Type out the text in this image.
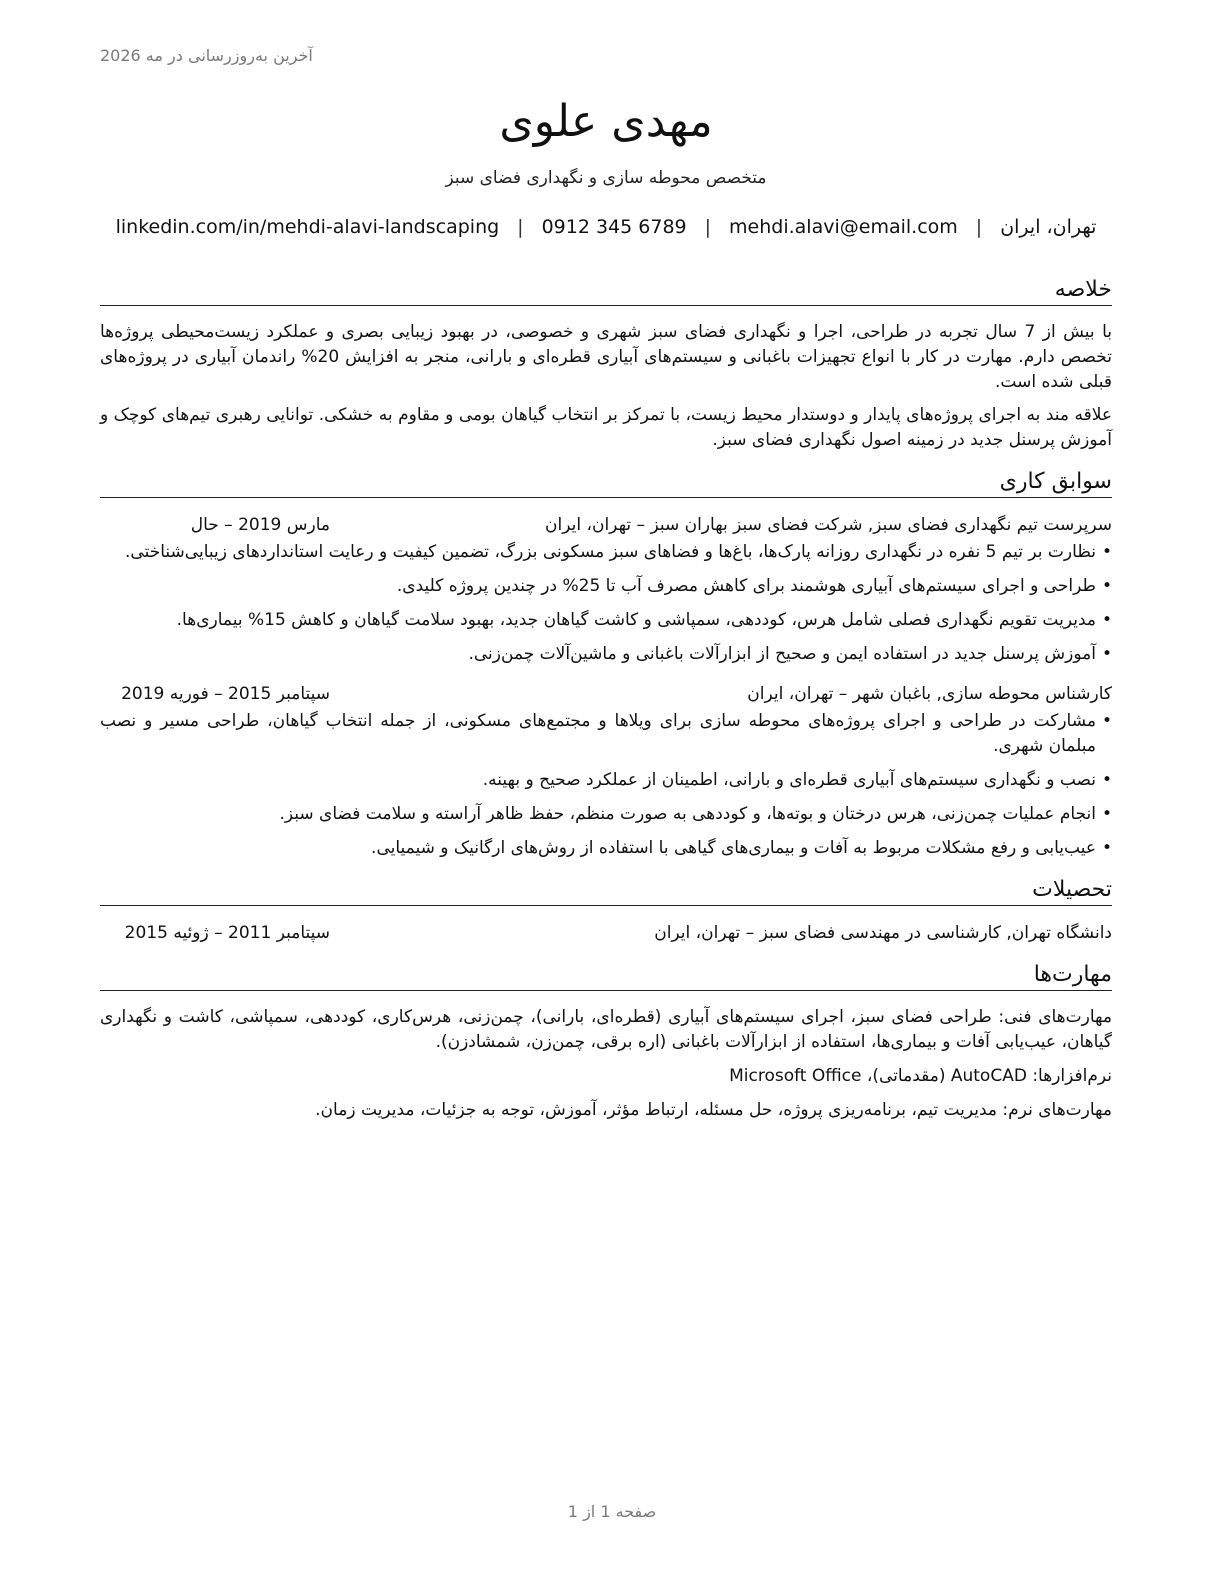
آخرین به‌روزرسانی در مه 2026
مهدی علوی
متخصص محوطه سازی و نگهداری فضای سبز
تهران، ایران
|
mehdi.alavi@email.com
|
0912 345 6789
|
linkedin.com/in/mehdi-alavi-landscaping
خلاصه

با بیش از 7 سال تجربه در طراحی، اجرا و نگهداری فضای سبز شهری و خصوصی، در بهبود زیبایی بصری و عملکرد زیست‌محیطی پروژه‌ها تخصص دارم. مهارت در کار با انواع تجهیزات باغبانی و سیستم‌های آبیاری قطره‌ای و بارانی، منجر به افزایش 20% راندمان آبیاری در پروژه‌های قبلی شده است.

علاقه مند به اجرای پروژه‌های پایدار و دوستدار محیط زیست، با تمرکز بر انتخاب گیاهان بومی و مقاوم به خشکی. توانایی رهبری تیم‌های کوچک و آموزش پرسنل جدید در زمینه اصول نگهداری فضای سبز.

سوابق کاری
سرپرست تیم نگهداری فضای سبز, شرکت فضای سبز بهاران سبز – تهران، ایران
مارس 2019 – حال
• نظارت بر تیم 5 نفره در نگهداری روزانه پارک‌ها، باغ‌ها و فضاهای سبز مسکونی بزرگ، تضمین کیفیت و رعایت استانداردهای زیبایی‌شناختی.
• طراحی و اجرای سیستم‌های آبیاری هوشمند برای کاهش مصرف آب تا 25% در چندین پروژه کلیدی.
• مدیریت تقویم نگهداری فصلی شامل هرس، کوددهی، سمپاشی و کاشت گیاهان جدید، بهبود سلامت گیاهان و کاهش 15% بیماری‌ها.
• آموزش پرسنل جدید در استفاده ایمن و صحیح از ابزارآلات باغبانی و ماشین‌آلات چمن‌زنی.
کارشناس محوطه سازی, باغبان شهر – تهران، ایران
سپتامبر 2015 – فوریه 2019
• مشارکت در طراحی و اجرای پروژه‌های محوطه سازی برای ویلاها و مجتمع‌های مسکونی، از جمله انتخاب گیاهان، طراحی مسیر و نصب مبلمان شهری.
• نصب و نگهداری سیستم‌های آبیاری قطره‌ای و بارانی، اطمینان از عملکرد صحیح و بهینه.
• انجام عملیات چمن‌زنی، هرس درختان و بوته‌ها، و کوددهی به صورت منظم، حفظ ظاهر آراسته و سلامت فضای سبز.
• عیب‌یابی و رفع مشکلات مربوط به آفات و بیماری‌های گیاهی با استفاده از روش‌های ارگانیک و شیمیایی.
تحصیلات
دانشگاه تهران, کارشناسی در مهندسی فضای سبز – تهران، ایران
سپتامبر 2011 – ژوئیه 2015
مهارت‌ها

مهارت‌های فنی: طراحی فضای سبز، اجرای سیستم‌های آبیاری (قطره‌ای، بارانی)، چمن‌زنی، هرس‌کاری، کوددهی، سمپاشی، کاشت و نگهداری گیاهان، عیب‌یابی آفات و بیماری‌ها، استفاده از ابزارآلات باغبانی (اره برقی، چمن‌زن، شمشادزن).

نرم‌افزارها: AutoCAD (مقدماتی)، Microsoft Office

مهارت‌های نرم: مدیریت تیم، برنامه‌ریزی پروژه، حل مسئله، ارتباط مؤثر، آموزش، توجه به جزئیات، مدیریت زمان.

صفحه 1 از 1
